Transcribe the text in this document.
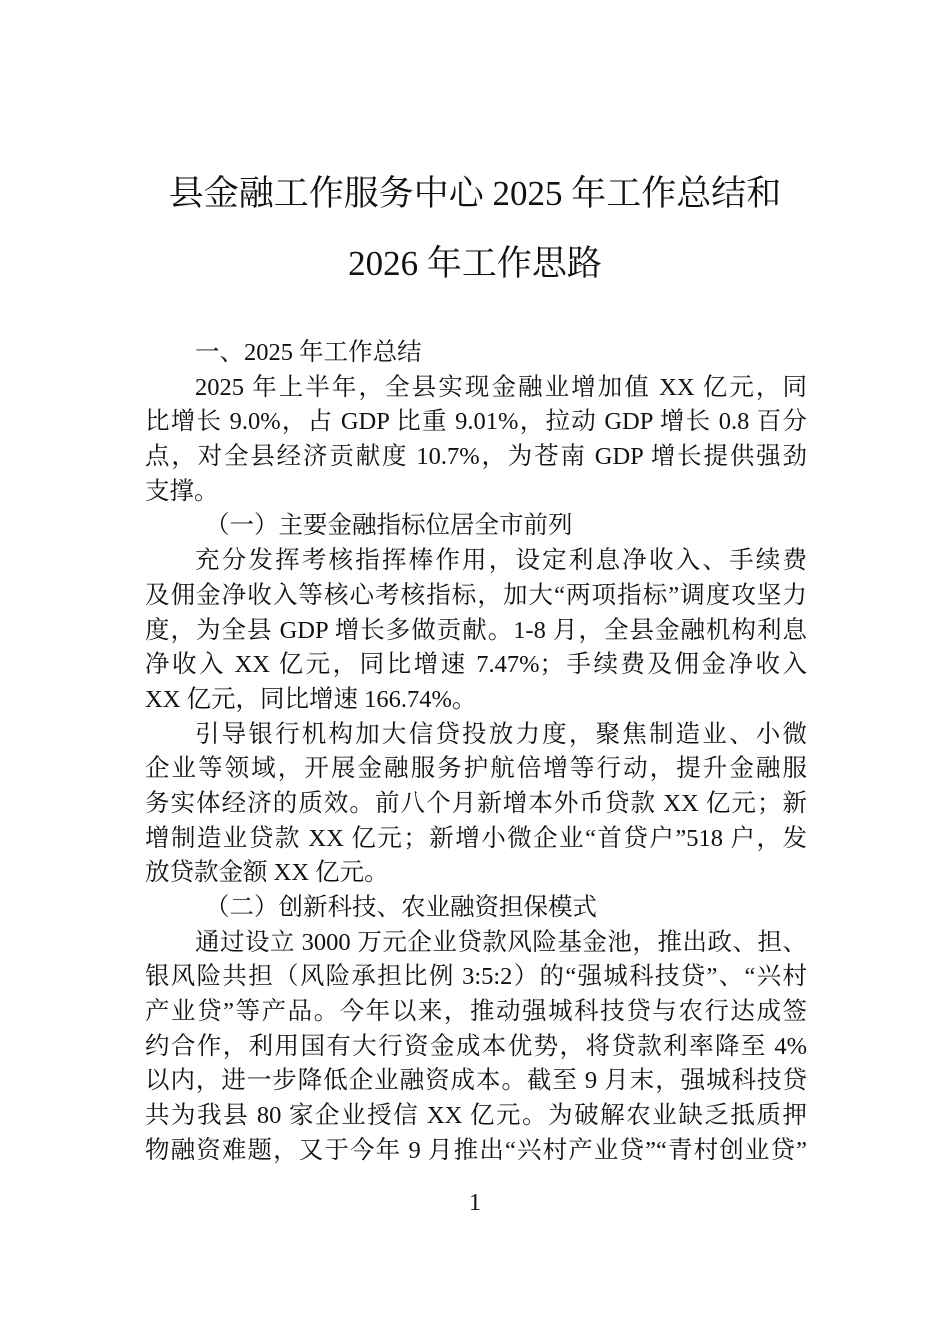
县金融工作服务中心 2025 年工作总结和
2026 年工作思路
一、2025 年工作总结
2025 年上半年，全县实现金融业增加值 XX 亿元，同
比增长 9.0%，占 GDP 比重 9.01%，拉动 GDP 增长 0.8 百分
点，对全县经济贡献度 10.7%，为苍南 GDP 增长提供强劲
支撑。
（一）主要金融指标位居全市前列
充分发挥考核指挥棒作用，设定利息净收入、手续费
及佣金净收入等核心考核指标，加大“两项指标”调度攻坚力
度，为全县 GDP 增长多做贡献。1-8 月，全县金融机构利息
净收入 XX 亿元，同比增速 7.47%；手续费及佣金净收入
XX 亿元，同比增速 166.74%。
引导银行机构加大信贷投放力度，聚焦制造业、小微
企业等领域，开展金融服务护航倍增等行动，提升金融服
务实体经济的质效。前八个月新增本外币贷款 XX 亿元；新
增制造业贷款 XX 亿元；新增小微企业“首贷户”518 户，发
放贷款金额 XX 亿元。
（二）创新科技、农业融资担保模式
通过设立 3000 万元企业贷款风险基金池，推出政、担、
银风险共担（风险承担比例 3:5:2）的“强城科技贷”、“兴村
产业贷”等产品。今年以来，推动强城科技贷与农行达成签
约合作，利用国有大行资金成本优势，将贷款利率降至 4%
以内，进一步降低企业融资成本。截至 9 月末，强城科技贷
共为我县 80 家企业授信 XX 亿元。为破解农业缺乏抵质押
物融资难题，又于今年 9 月推出“兴村产业贷”“青村创业贷”
1
